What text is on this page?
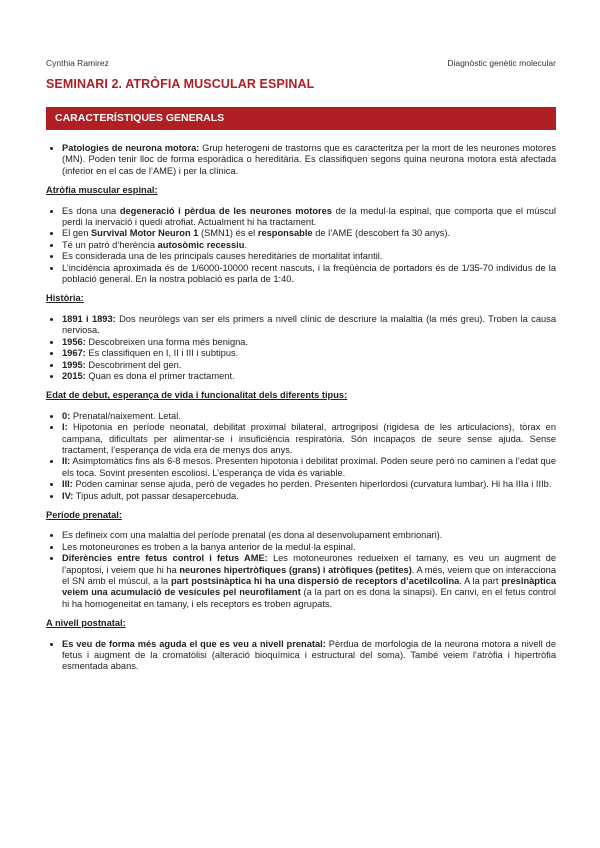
Cynthia Ramirez	Diagnòstic genètic molecular
SEMINARI 2. ATRÒFIA MUSCULAR ESPINAL
CARACTERÍSTIQUES GENERALS
• Patologies de neurona motora: Grup heterogeni de trastorns que es caracteritza per la mort de les neurones motores (MN). Poden tenir lloc de forma esporàdica o hereditària. Es classifiquen segons quina neurona motora està afectada (inferior en el cas de l’AME) i per la clínica.

Atròfia muscular espinal:

• Es dona una degeneració i pèrdua de les neurones motores de la medul·la espinal, que comporta que el múscul perdi la inervació i quedi atrofiat. Actualment hi ha tractament.
• El gen Survival Motor Neuron 1 (SMN1) és el responsable de l’AME (descobert fa 30 anys).
• Té un patró d’herència autosòmic recessiu.
• Es considerada una de les principals causes hereditàries de mortalitat infantil.
• L’incidència aproximada és de 1/6000-10000 recent nascuts, i la freqüència de portadors és de 1/35-70 individus de la població general. En la nostra població es parla de 1:40.

Història:

• 1891 i 1893: Dos neuròlegs van ser els primers a nivell clínic de descriure la malaltia (la més greu). Troben la causa nerviosa.
• 1956: Descobreixen una forma més benigna.
• 1967: Es classifiquen en I, II i III i subtipus.
• 1995: Descobriment del gen.
• 2015: Quan es dona el primer tractament.

Edat de debut, esperança de vida i funcionalitat dels diferents tipus:

• 0: Prenatal/naixement. Letal.
• I: Hipotonia en període neonatal, debilitat proximal bilateral, artrogriposi (rigidesa de les articulacions), tòrax en campana, dificultats per alimentar-se i insuficiència respiratòria. Són incapaços de seure sense ajuda. Sense tractament, l’esperança de vida era de menys dos anys.
• II: Asimptomàtics fins als 6-8 mesos. Presenten hipotonia i debilitat proximal. Poden seure però no caminen a l’edat que els toca. Sovint presenten escoliosi. L’esperança de vida és variable.
• III: Poden caminar sense ajuda, però de vegades ho perden. Presenten hiperlordosi (curvatura lumbar). Hi ha IIIa i IIIb.
• IV: Tipus adult, pot passar desapercebuda.

Període prenatal:

• Es defineix com una malaltia del període prenatal (es dona al desenvolupament embrionari).
• Les motoneurones es troben a la banya anterior de la medul·la espinal.
• Diferències entre fetus control i fetus AME: Les motoneurones redueixen el tamany, es veu un augment de l’apoptosi, i veiem que hi ha neurones hipertròfiques (grans) i atròfiques (petites). A més, veiem que on interacciona el SN amb el múscul, a la part postsinàptica hi ha una dispersió de receptors d’acetilcolina. A la part presinàptica veiem una acumulació de vesícules pel neurofilament (a la part on es dona la sinapsi). En canvi, en el fetus control hi ha homogeneitat en tamany, i els receptors es troben agrupats.

A nivell postnatal:

• Es veu de forma més aguda el que es veu a nivell prenatal: Pèrdua de morfologia de la neurona motora a nivell de fetus i augment de la cromatòlisi (alteració bioquímica i estructural del soma). També veiem l’atròfia i hipertròfia esmentada abans.
